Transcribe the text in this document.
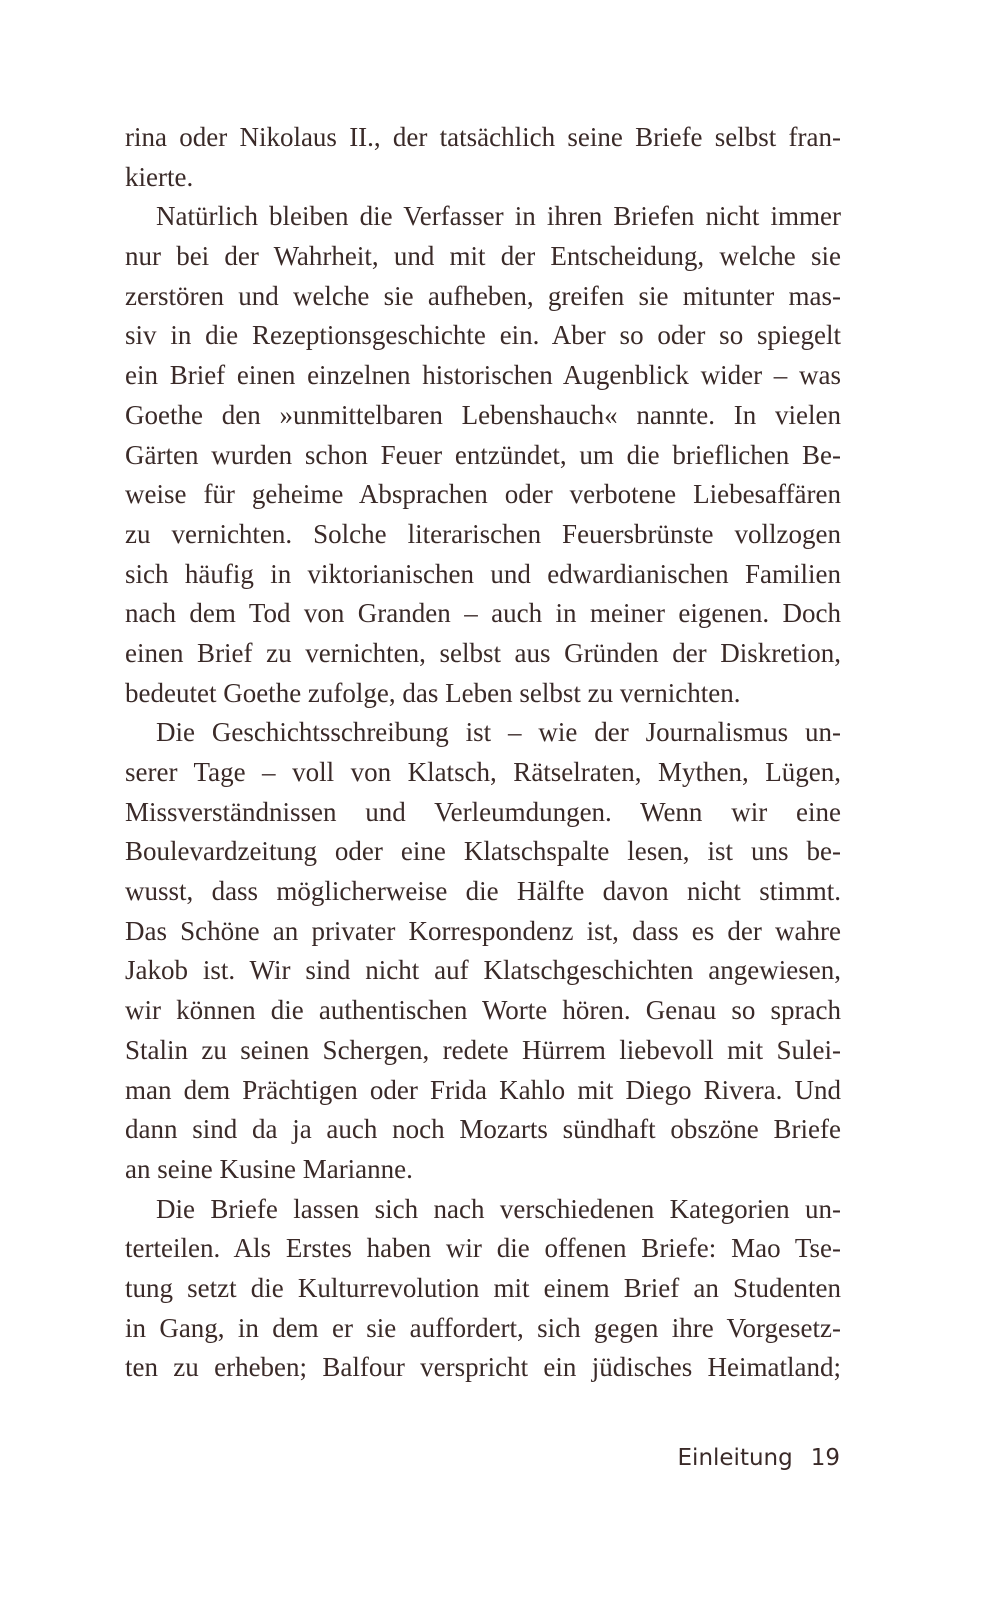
rina oder Nikolaus II., der tatsächlich seine Briefe selbst fran-
kierte.
Natürlich bleiben die Verfasser in ihren Briefen nicht immer
nur bei der Wahrheit, und mit der Entscheidung, welche sie
zerstören und welche sie aufheben, greifen sie mitunter mas-
siv in die Rezeptionsgeschichte ein. Aber so oder so spiegelt
ein Brief einen einzelnen historischen Augenblick wider – was
Goethe den »unmittelbaren Lebenshauch« nannte. In vielen
Gärten wurden schon Feuer entzündet, um die brieflichen Be-
weise für geheime Absprachen oder verbotene Liebesaffären
zu vernichten. Solche literarischen Feuersbrünste vollzogen
sich häufig in viktorianischen und edwardianischen Familien
nach dem Tod von Granden – auch in meiner eigenen. Doch
einen Brief zu vernichten, selbst aus Gründen der Diskretion,
bedeutet Goethe zufolge, das Leben selbst zu vernichten.
Die Geschichtsschreibung ist – wie der Journalismus un-
serer Tage – voll von Klatsch, Rätselraten, Mythen, Lügen,
Missverständnissen und Verleumdungen. Wenn wir eine
Boulevardzeitung oder eine Klatschspalte lesen, ist uns be-
wusst, dass möglicherweise die Hälfte davon nicht stimmt.
Das Schöne an privater Korrespondenz ist, dass es der wahre
Jakob ist. Wir sind nicht auf Klatschgeschichten angewiesen,
wir können die authentischen Worte hören. Genau so sprach
Stalin zu seinen Schergen, redete Hürrem liebevoll mit Sulei-
man dem Prächtigen oder Frida Kahlo mit Diego Rivera. Und
dann sind da ja auch noch Mozarts sündhaft obszöne Briefe
an seine Kusine Marianne.
Die Briefe lassen sich nach verschiedenen Kategorien un-
terteilen. Als Erstes haben wir die offenen Briefe: Mao Tse-
tung setzt die Kulturrevolution mit einem Brief an Studenten
in Gang, in dem er sie auffordert, sich gegen ihre Vorgesetz-
ten zu erheben; Balfour verspricht ein jüdisches Heimatland;
Einleitung 19
